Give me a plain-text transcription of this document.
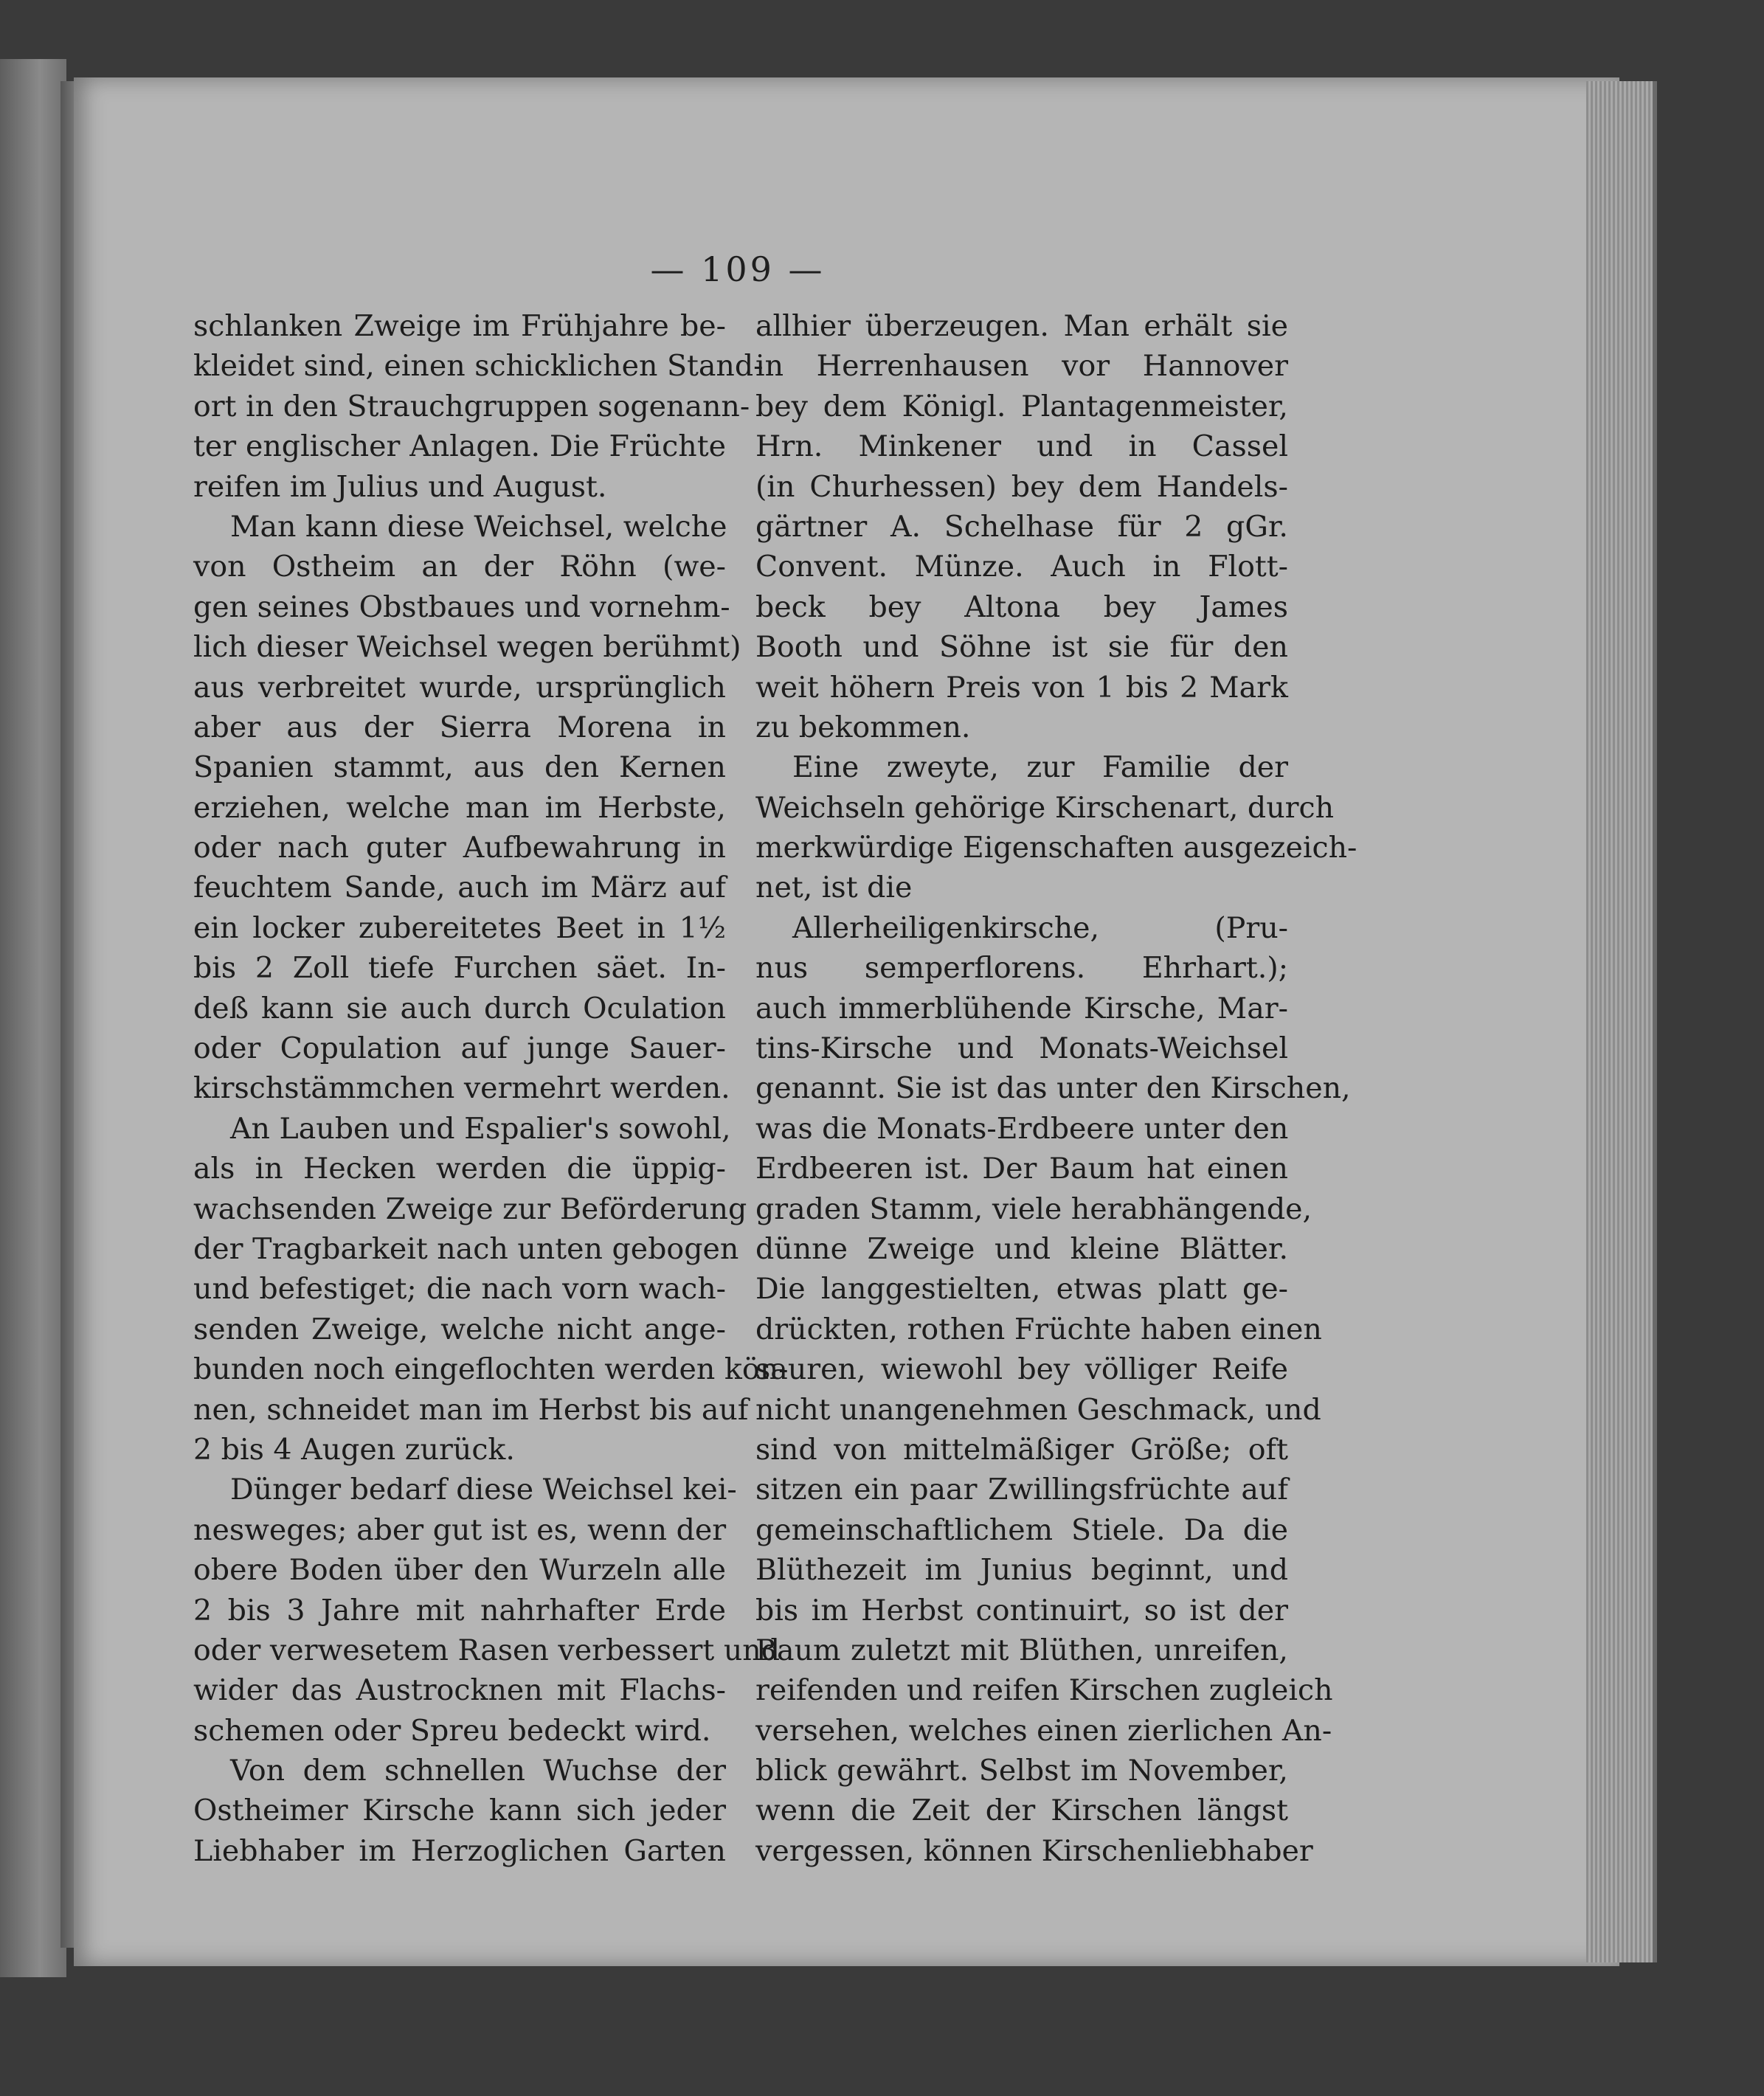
— 109 —
schlanken Zweige im Frühjahre be-
kleidet sind, einen schicklichen Stand-
ort in den Strauchgruppen sogenann-
ter englischer Anlagen. Die Früchte
reifen im Julius und August.
Man kann diese Weichsel, welche
von Ostheim an der Röhn (we-
gen seines Obstbaues und vornehm-
lich dieser Weichsel wegen berühmt)
aus verbreitet wurde, ursprünglich
aber aus der Sierra Morena in
Spanien stammt, aus den Kernen
erziehen, welche man im Herbste,
oder nach guter Aufbewahrung in
feuchtem Sande, auch im März auf
ein locker zubereitetes Beet in 1½
bis 2 Zoll tiefe Furchen säet. In-
deß kann sie auch durch Oculation
oder Copulation auf junge Sauer-
kirschstämmchen vermehrt werden.
An Lauben und Espalier's sowohl,
als in Hecken werden die üppig-
wachsenden Zweige zur Beförderung
der Tragbarkeit nach unten gebogen
und befestiget; die nach vorn wach-
senden Zweige, welche nicht ange-
bunden noch eingeflochten werden kön-
nen, schneidet man im Herbst bis auf
2 bis 4 Augen zurück.
Dünger bedarf diese Weichsel kei-
nesweges; aber gut ist es, wenn der
obere Boden über den Wurzeln alle
2 bis 3 Jahre mit nahrhafter Erde
oder verwesetem Rasen verbessert und
wider das Austrocknen mit Flachs-
schemen oder Spreu bedeckt wird.
Von dem schnellen Wuchse der
Ostheimer Kirsche kann sich jeder
Liebhaber im Herzoglichen Garten
allhier überzeugen. Man erhält sie
in Herrenhausen vor Hannover
bey dem Königl. Plantagenmeister,
Hrn. Minkener und in Cassel
(in Churhessen) bey dem Handels-
gärtner A. Schelhase für 2 gGr.
Convent. Münze. Auch in Flott-
beck bey Altona bey James
Booth und Söhne ist sie für den
weit höhern Preis von 1 bis 2 Mark
zu bekommen.
Eine zweyte, zur Familie der
Weichseln gehörige Kirschenart, durch
merkwürdige Eigenschaften ausgezeich-
net, ist die
Allerheiligenkirsche, (Pru-
nus semperflorens. Ehrhart.);
auch immerblühende Kirsche, Mar-
tins-Kirsche und Monats-Weichsel
genannt. Sie ist das unter den Kirschen,
was die Monats-Erdbeere unter den
Erdbeeren ist. Der Baum hat einen
graden Stamm, viele herabhängende,
dünne Zweige und kleine Blätter.
Die langgestielten, etwas platt ge-
drückten, rothen Früchte haben einen
sauren, wiewohl bey völliger Reife
nicht unangenehmen Geschmack, und
sind von mittelmäßiger Größe; oft
sitzen ein paar Zwillingsfrüchte auf
gemeinschaftlichem Stiele. Da die
Blüthezeit im Junius beginnt, und
bis im Herbst continuirt, so ist der
Baum zuletzt mit Blüthen, unreifen,
reifenden und reifen Kirschen zugleich
versehen, welches einen zierlichen An-
blick gewährt. Selbst im November,
wenn die Zeit der Kirschen längst
vergessen, können Kirschenliebhaber
